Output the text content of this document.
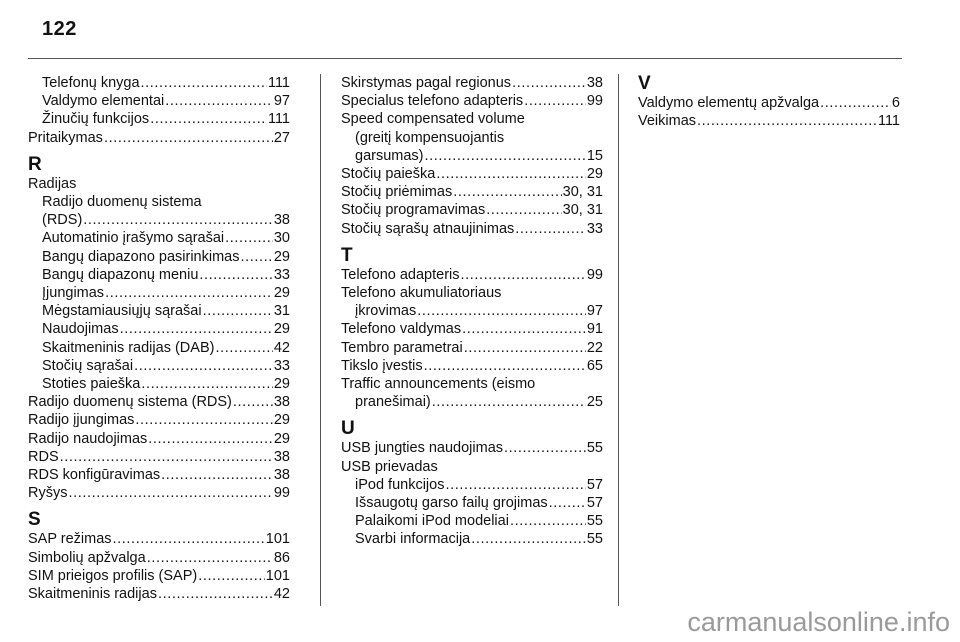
122
Telefonų knyga .....	111
Valdymo elementai .....	97
Žinučių funkcijos .....	111
Pritaikymas .....	27
R
Radijas
Radijo duomenų sistema
(RDS) .....	38
Automatinio įrašymo sąrašai .....	30
Bangų diapazono pasirinkimas ..... 29
Bangų diapazonų meniu .....	33
Įjungimas .....	29
Mėgstamiausiųjų sąrašai .....	31
Naudojimas .....	29
Skaitmeninis radijas (DAB) .....	42
Stočių sąrašai .....	33
Stoties paieška .....	29
Radijo duomenų sistema (RDS) .....	38
Radijo įjungimas .....	29
Radijo naudojimas .....	29
RDS .....	38
RDS konfigūravimas .....	38
Ryšys .....	99
S
SAP režimas .....	101
Simbolių apžvalga .....	86
SIM prieigos profilis (SAP) .....	101
Skaitmeninis radijas .....	42
Skirstymas pagal regionus .....	38
Specialus telefono adapteris .....	99
Speed compensated volume
(greitį kompensuojantis
garsumas) .....	15
Stočių paieška .....	29
Stočių priėmimas .....	30, 31
Stočių programavimas .....	30, 31
Stočių sąrašų atnaujinimas .....	33
T
Telefono adapteris .....	99
Telefono akumuliatoriaus
įkrovimas .....	97
Telefono valdymas .....	91
Tembro parametrai .....	22
Tikslo įvestis .....	65
Traffic announcements (eismo
pranešimai) .....	25
U
USB jungties naudojimas .....	55
USB prievadas
iPod funkcijos .....	57
Išsaugotų garso failų grojimas .....	57
Palaikomi iPod modeliai .....	55
Svarbi informacija .....	55
V
Valdymo elementų apžvalga .....	6
Veikimas .....	111
carmanualsonline.info
